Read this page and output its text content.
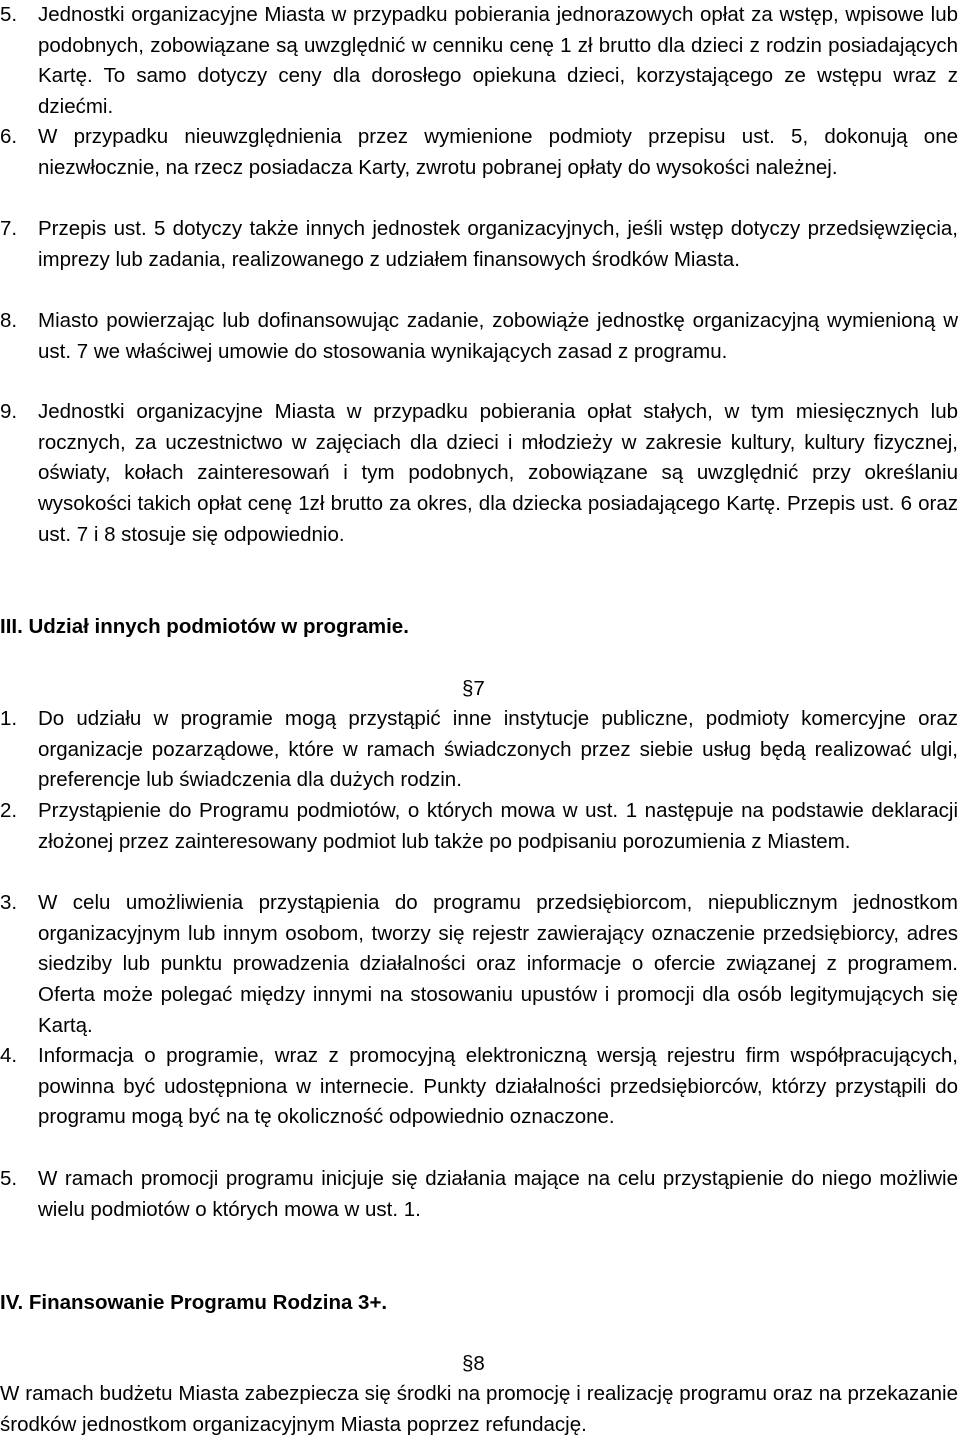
5.	Jednostki organizacyjne Miasta w przypadku pobierania jednorazowych opłat za wstęp, wpisowe lub podobnych, zobowiązane są uwzględnić w cenniku cenę 1 zł brutto dla dzieci z rodzin posiadających Kartę. To samo dotyczy ceny dla dorosłego opiekuna dzieci, korzystającego ze wstępu wraz z dziećmi.
6.	W przypadku nieuwzględnienia przez wymienione podmioty przepisu ust. 5, dokonują one niezwłocznie, na rzecz posiadacza Karty, zwrotu pobranej opłaty do wysokości należnej.
7.	Przepis ust. 5 dotyczy także innych jednostek organizacyjnych, jeśli wstęp dotyczy przedsięwzięcia, imprezy lub zadania, realizowanego z udziałem finansowych środków Miasta.
8.	Miasto powierzając lub dofinansowując zadanie, zobowiąże jednostkę organizacyjną wymienioną w ust. 7 we właściwej umowie do stosowania wynikających zasad z programu.
9.	Jednostki organizacyjne Miasta w przypadku pobierania opłat stałych, w tym miesięcznych lub rocznych, za uczestnictwo w zajęciach dla dzieci i młodzieży w zakresie kultury, kultury fizycznej, oświaty, kołach zainteresowań i tym podobnych, zobowiązane są uwzględnić przy określaniu wysokości takich opłat cenę 1zł brutto za okres, dla dziecka posiadającego Kartę. Przepis ust. 6 oraz ust. 7 i 8 stosuje się odpowiednio.
III. Udział innych podmiotów w programie.
§7
1.	Do udziału w programie mogą przystąpić inne instytucje publiczne, podmioty komercyjne oraz organizacje pozarządowe, które w ramach świadczonych przez siebie usług będą realizować ulgi, preferencje lub świadczenia dla dużych rodzin.
2.	Przystąpienie do Programu podmiotów, o których mowa w ust. 1 następuje na podstawie deklaracji złożonej przez zainteresowany podmiot lub także po podpisaniu porozumienia z Miastem.
3.	W celu umożliwienia przystąpienia do programu przedsiębiorcom, niepublicznym jednostkom organizacyjnym lub innym osobom, tworzy się rejestr zawierający oznaczenie przedsiębiorcy, adres siedziby lub punktu prowadzenia działalności oraz informacje o ofercie związanej z programem. Oferta może polegać między innymi na stosowaniu upustów i promocji dla osób legitymujących się Kartą.
4.	Informacja o programie, wraz z promocyjną elektroniczną wersją rejestru firm współpracujących, powinna być udostępniona w internecie. Punkty działalności przedsiębiorców, którzy przystąpili do programu mogą być na tę okoliczność odpowiednio oznaczone.
5.	W ramach promocji programu inicjuje się działania mające na celu przystąpienie do niego możliwie wielu podmiotów o których mowa w ust. 1.
IV. Finansowanie Programu Rodzina 3+.
§8
W ramach budżetu Miasta zabezpiecza się środki na promocję i realizację programu oraz na przekazanie środków jednostkom organizacyjnym Miasta poprzez refundację.
